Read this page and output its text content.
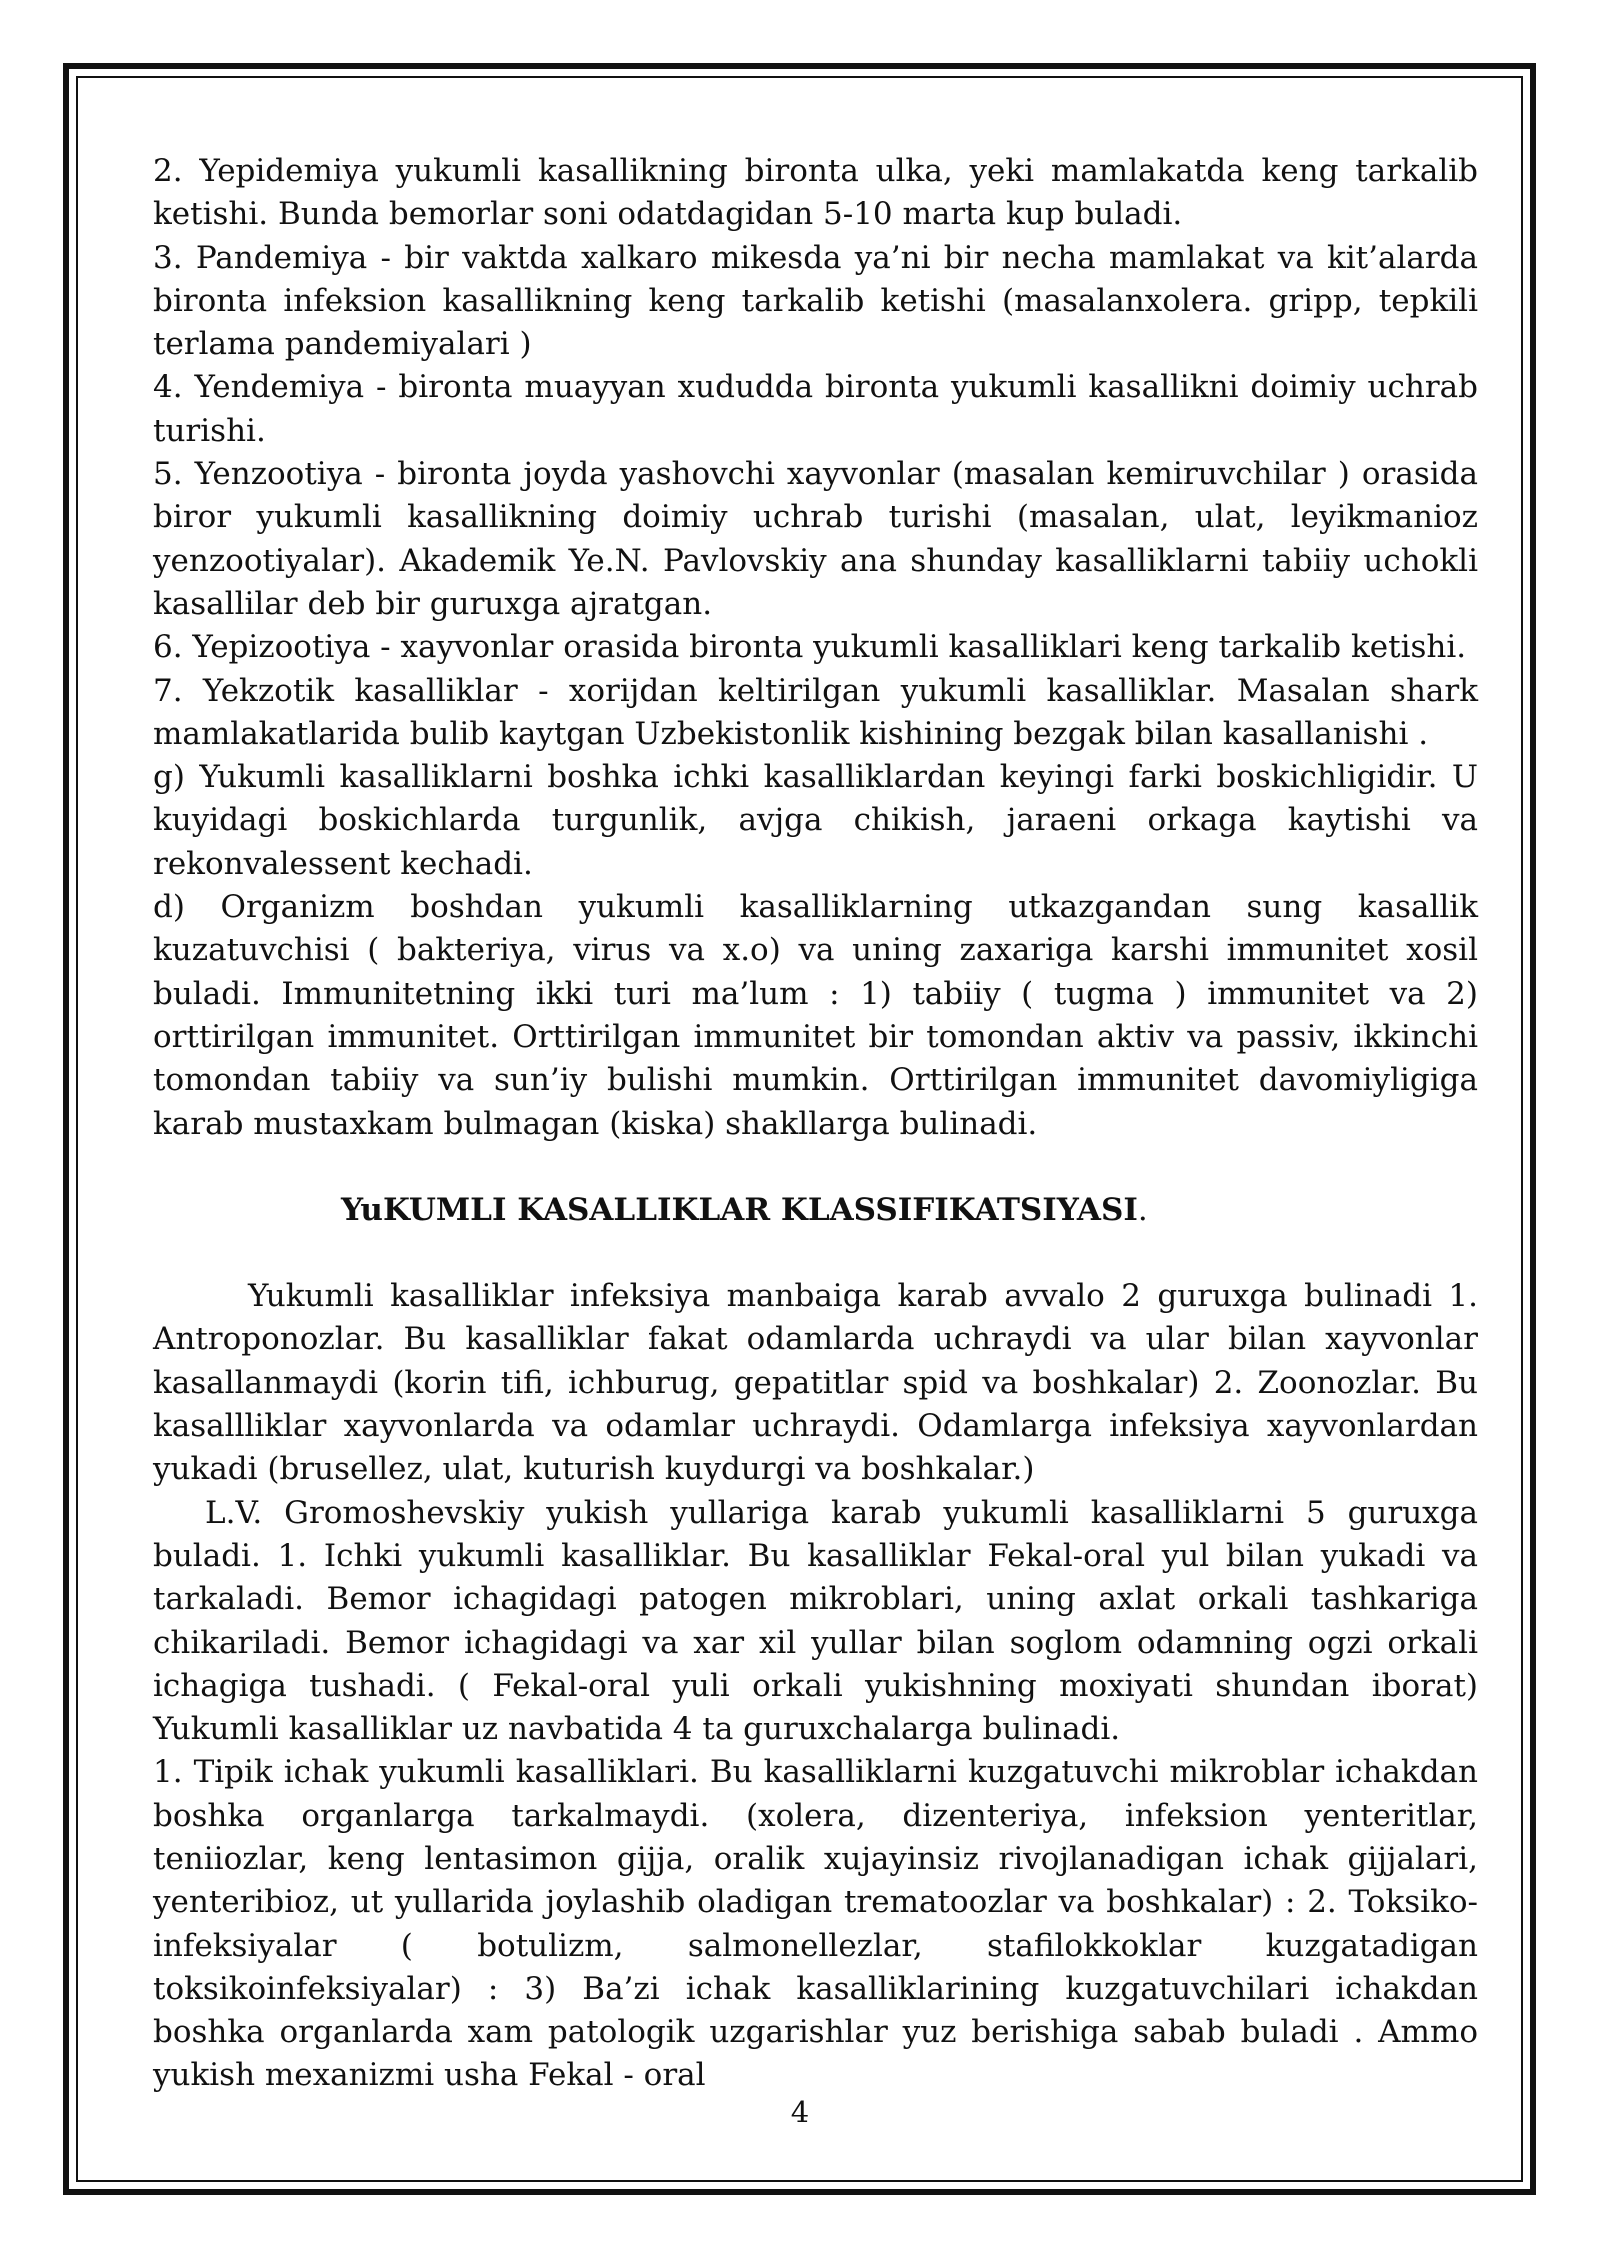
2. Yepidemiya yukumli kasallikning bironta ulka, yeki mamlakatda keng tarkalib ketishi. Bunda bemorlar soni odatdagidan 5-10 marta kup buladi.

3. Pandemiya - bir vaktda xalkaro mikesda ya’ni bir necha mamlakat va kit’alarda bironta infeksion kasallikning keng tarkalib ketishi (masalanxolera. gripp, tepkili terlama pandemiyalari )

4. Yendemiya - bironta muayyan xududda bironta yukumli kasallikni doimiy uchrab turishi.

5. Yenzootiya - bironta joyda yashovchi xayvonlar (masalan kemiruvchilar ) orasida biror yukumli kasallikning doimiy uchrab turishi (masalan, ulat, leyikmanioz yenzootiyalar). Akademik Ye.N. Pavlovskiy ana shunday kasalliklarni tabiiy uchokli kasallilar deb bir guruxga ajratgan.

6. Yepizootiya - xayvonlar orasida bironta yukumli kasalliklari keng tarkalib ketishi.

7. Yekzotik kasalliklar - xorijdan keltirilgan yukumli kasalliklar. Masalan shark mamlakatlarida bulib kaytgan Uzbekistonlik kishining bezgak bilan kasallanishi .

g) Yukumli kasalliklarni boshka ichki kasalliklardan keyingi farki boskichligidir. U kuyidagi boskichlarda turgunlik, avjga chikish, jaraeni orkaga kaytishi va rekonvalessent kechadi.

d) Organizm boshdan yukumli kasalliklarning utkazgandan sung kasallik kuzatuvchisi ( bakteriya, virus va x.o) va uning zaxariga karshi immunitet xosil buladi. Immunitetning ikki turi ma’lum : 1) tabiiy ( tugma ) immunitet va 2) orttirilgan immunitet. Orttirilgan immunitet bir tomondan aktiv va passiv, ikkinchi tomondan tabiiy va sun’iy bulishi mumkin. Orttirilgan immunitet davomiyligiga karab mustaxkam bulmagan (kiska) shakllarga bulinadi.

YuKUMLI KASALLIKLAR KLASSIFIKATSIYASI.

Yukumli kasalliklar infeksiya manbaiga karab avvalo 2 guruxga bulinadi 1. Antroponozlar. Bu kasalliklar fakat odamlarda uchraydi va ular bilan xayvonlar kasallanmaydi (korin tifi, ichburug, gepatitlar spid va boshkalar) 2. Zoonozlar. Bu kasallliklar xayvonlarda va odamlar uchraydi. Odamlarga infeksiya xayvonlardan yukadi (brusellez, ulat, kuturish kuydurgi va boshkalar.)

L.V. Gromoshevskiy yukish yullariga karab yukumli kasalliklarni 5 guruxga buladi. 1. Ichki yukumli kasalliklar. Bu kasalliklar Fekal-oral yul bilan yukadi va tarkaladi. Bemor ichagidagi patogen mikroblari, uning axlat orkali tashkariga chikariladi. Bemor ichagidagi va xar xil yullar bilan soglom odamning ogzi orkali ichagiga tushadi. ( Fekal-oral yuli orkali yukishning moxiyati shundan iborat) Yukumli kasalliklar uz navbatida 4 ta guruxchalarga bulinadi.

1. Tipik ichak yukumli kasalliklari. Bu kasalliklarni kuzgatuvchi mikroblar ichakdan boshka organlarga tarkalmaydi. (xolera, dizenteriya, infeksion yenteritlar, teniiozlar, keng lentasimon gijja, oralik xujayinsiz rivojlanadigan ichak gijjalari, yenteribioz, ut yullarida joylashib oladigan trematoozlar va boshkalar) : 2. Toksiko- infeksiyalar ( botulizm, salmonellezlar, stafilokkoklar kuzgatadigan toksikoinfeksiyalar) : 3) Ba’zi ichak kasalliklarining kuzgatuvchilari ichakdan boshka organlarda xam patologik uzgarishlar yuz berishiga sabab buladi . Ammo yukish mexanizmi usha Fekal - oral

4
